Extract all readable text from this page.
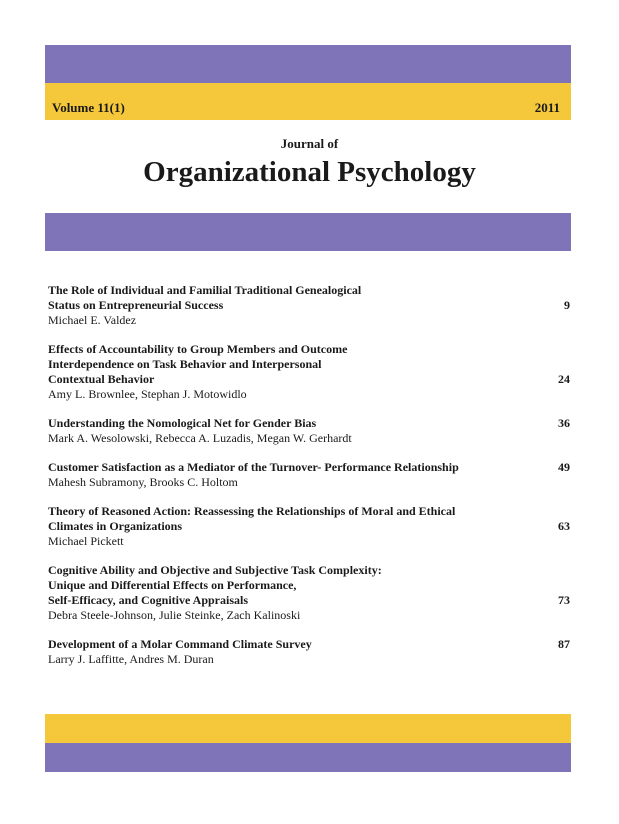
Volume 11(1)	2011
Journal of
Organizational Psychology
The Role of Individual and Familial Traditional Genealogical
Status on Entrepreneurial Success	9
Michael E. Valdez
Effects of Accountability to Group Members and Outcome
Interdependence on Task Behavior and Interpersonal
Contextual Behavior	24
Amy L. Brownlee, Stephan J. Motowidlo
Understanding the Nomological Net for Gender Bias	36
Mark A. Wesolowski, Rebecca A. Luzadis, Megan W. Gerhardt
Customer Satisfaction as a Mediator of the Turnover- Performance Relationship	49
Mahesh Subramony, Brooks C. Holtom
Theory of Reasoned Action: Reassessing the Relationships of Moral and Ethical
Climates in Organizations	63
Michael Pickett
Cognitive Ability and Objective and Subjective Task Complexity:
Unique and Differential Effects on Performance,
Self-Efficacy, and Cognitive Appraisals	73
Debra Steele-Johnson, Julie Steinke, Zach Kalinoski
Development of a Molar Command Climate Survey	87
Larry J. Laffitte, Andres M. Duran
